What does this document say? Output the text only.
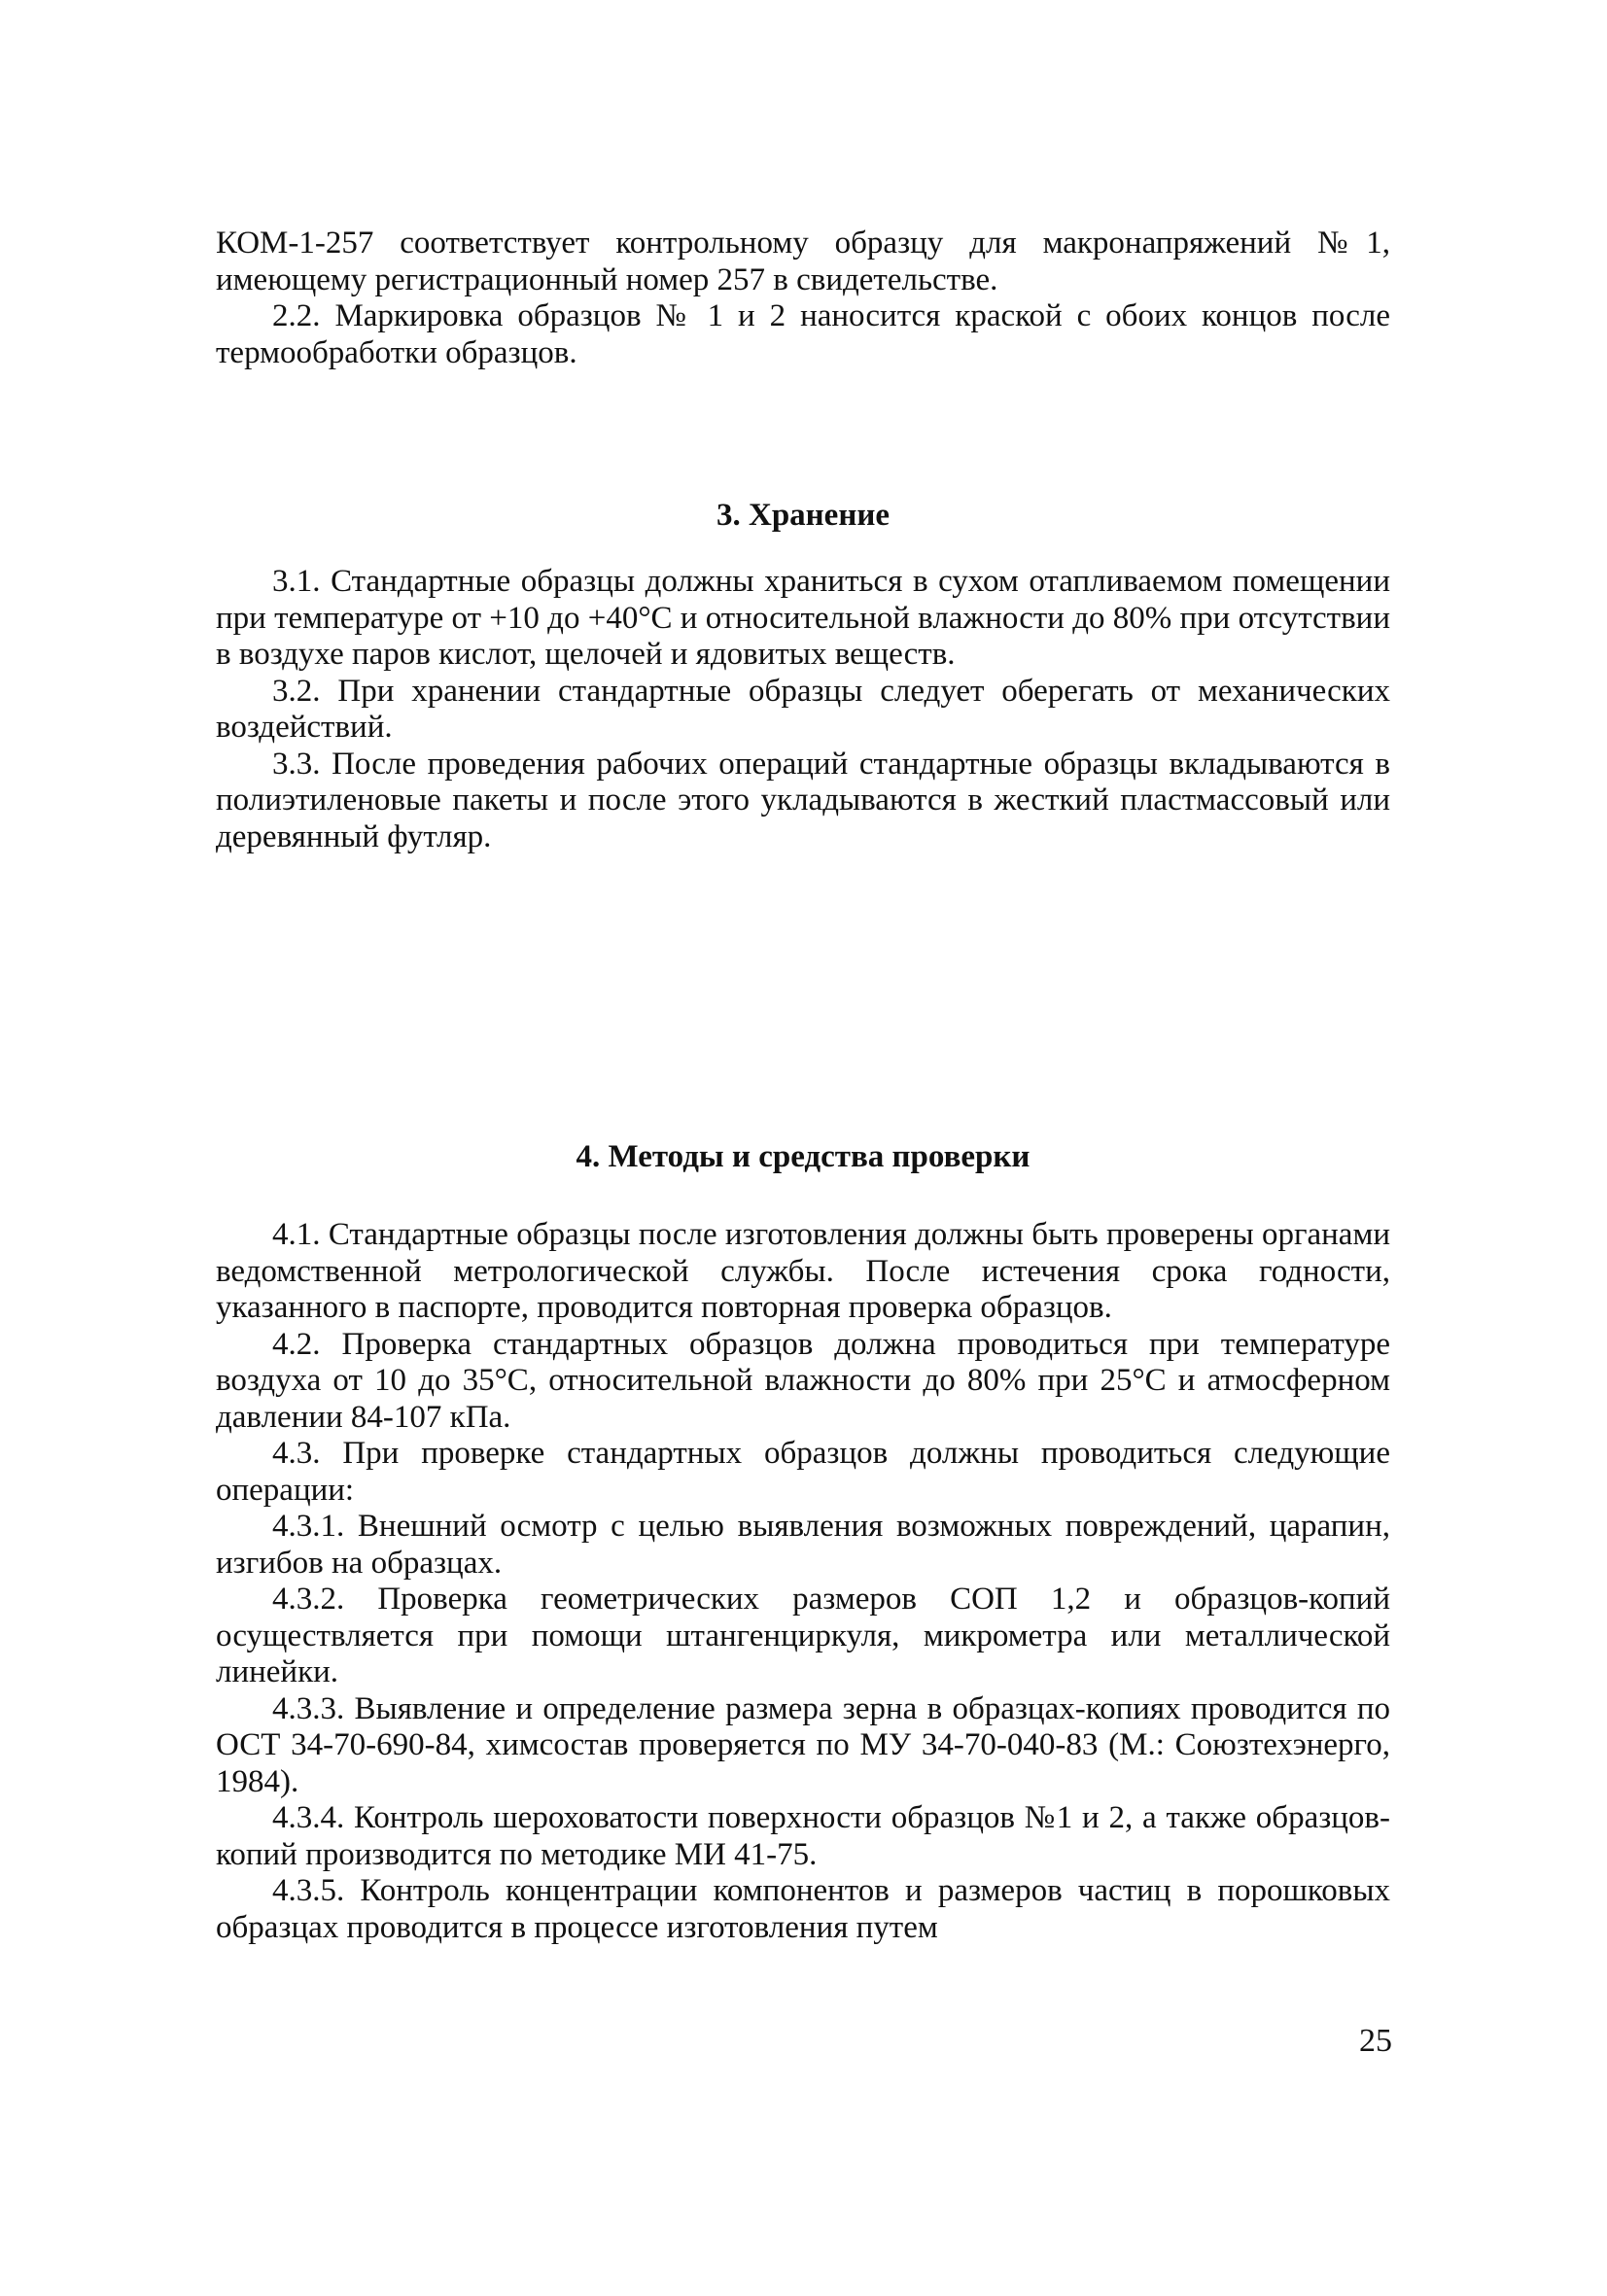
КОМ-1-257 соответствует контрольному образцу для макронапряжений №1, имеющему регистрационный номер 257 в свидетельстве.

2.2. Маркировка образцов № 1 и 2 наносится краской с обоих концов после термообработки образцов.

3. Хранение

3.1. Стандартные образцы должны храниться в сухом отапливаемом помещении при температуре от +10 до +40°С и относительной влажности до 80% при отсутствии в воздухе паров кислот, щелочей и ядовитых веществ.

3.2. При хранении стандартные образцы следует оберегать от механических воздействий.

3.3. После проведения рабочих операций стандартные образцы вкладываются в полиэтиленовые пакеты и после этого укладываются в жесткий пластмассовый или деревянный футляр.

4. Методы и средства проверки

4.1. Стандартные образцы после изготовления должны быть проверены органами ведомственной метрологической службы. После истечения срока годности, указанного в паспорте, проводится повторная проверка образцов.

4.2. Проверка стандартных образцов должна проводиться при температуре воздуха от 10 до 35°С, относительной влажности до 80% при 25°С и атмосферном давлении 84-107 кПа.

4.3. При проверке стандартных образцов должны проводиться следующие операции:

4.3.1. Внешний осмотр с целью выявления возможных повреждений, царапин, изгибов на образцах.

4.3.2. Проверка геометрических размеров СОП 1,2 и образцов-копий осуществляется при помощи штангенциркуля, микрометра или металлической линейки.

4.3.3. Выявление и определение размера зерна в образцах-копиях проводится по ОСТ 34-70-690-84, химсостав проверяется по МУ 34-70-040-83 (М.: Союзтехэнерго, 1984).

4.3.4. Контроль шероховатости поверхности образцов №1 и 2, а также образцов-копий производится по методике МИ 41-75.

4.3.5. Контроль концентрации компонентов и размеров частиц в порошковых образцах проводится в процессе изготовления путем

25
